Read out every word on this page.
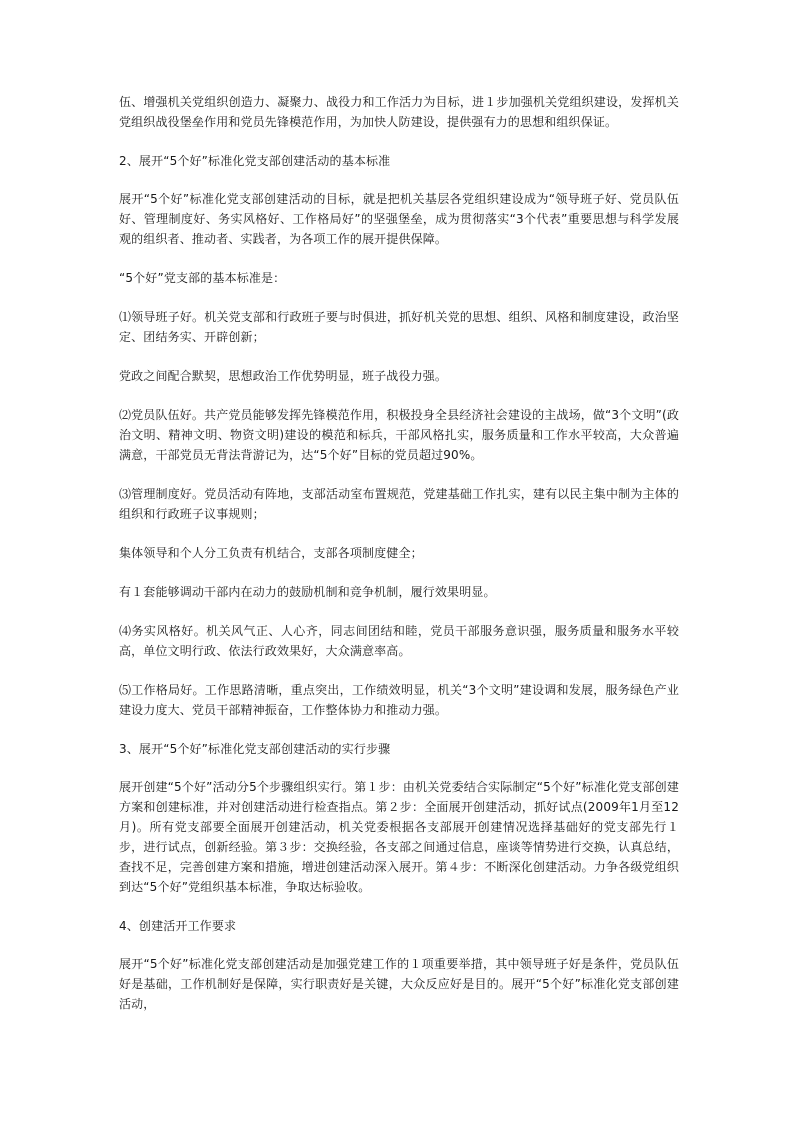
伍、增强机关党组织创造力、凝聚力、战役力和工作活力为目标，进１步加强机关党组织建设，发挥机关党组织战役堡垒作用和党员先锋模范作用，为加快人防建设，提供强有力的思想和组织保证。

2、展开“5个好”标准化党支部创建活动的基本标准

展开“5个好”标准化党支部创建活动的目标，就是把机关基层各党组织建设成为“领导班子好、党员队伍好、管理制度好、务实风格好、工作格局好”的坚强堡垒，成为贯彻落实“3个代表”重要思想与科学发展观的组织者、推动者、实践者，为各项工作的展开提供保障。

“5个好”党支部的基本标准是：

⑴领导班子好。机关党支部和行政班子要与时俱进，抓好机关党的思想、组织、风格和制度建设，政治坚定、团结务实、开辟创新；

党政之间配合默契，思想政治工作优势明显，班子战役力强。

⑵党员队伍好。共产党员能够发挥先锋模范作用，积极投身全县经济社会建设的主战场，做“3个文明”(政治文明、精神文明、物资文明)建设的模范和标兵，干部风格扎实，服务质量和工作水平较高，大众普遍满意，干部党员无背法背游记为，达“5个好”目标的党员超过90%。

⑶管理制度好。党员活动有阵地，支部活动室布置规范，党建基础工作扎实，建有以民主集中制为主体的组织和行政班子议事规则；

集体领导和个人分工负责有机结合，支部各项制度健全；

有１套能够调动干部内在动力的鼓励机制和竞争机制，履行效果明显。

⑷务实风格好。机关风气正、人心齐，同志间团结和睦，党员干部服务意识强，服务质量和服务水平较高，单位文明行政、依法行政效果好，大众满意率高。

⑸工作格局好。工作思路清晰，重点突出，工作绩效明显，机关“3个文明”建设调和发展，服务绿色产业建设力度大、党员干部精神振奋，工作整体协力和推动力强。

3、展开“5个好”标准化党支部创建活动的实行步骤

展开创建“5个好”活动分5个步骤组织实行。第１步：由机关党委结合实际制定“5个好”标准化党支部创建方案和创建标准，并对创建活动进行检查指点。第２步：全面展开创建活动，抓好试点(2009年1月至12月)。所有党支部要全面展开创建活动，机关党委根据各支部展开创建情况选择基础好的党支部先行１步，进行试点，创新经验。第３步：交换经验，各支部之间通过信息，座谈等情势进行交换，认真总结，查找不足，完善创建方案和措施，增进创建活动深入展开。第４步：不断深化创建活动。力争各级党组织到达“5个好”党组织基本标准，争取达标验收。

4、创建活开工作要求

展开“5个好”标准化党支部创建活动是加强党建工作的１项重要举措，其中领导班子好是条件，党员队伍好是基础，工作机制好是保障，实行职责好是关键，大众反应好是目的。展开“5个好”标准化党支部创建活动，
